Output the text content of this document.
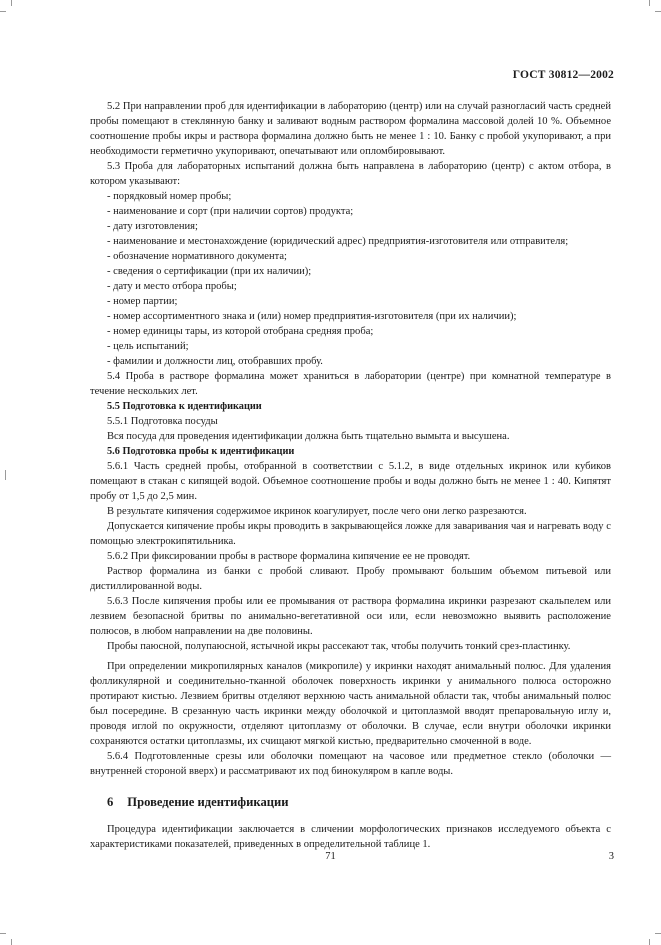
ГОСТ 30812—2002

5.2 При направлении проб для идентификации в лабораторию (центр) или на случай разногласий часть средней пробы помещают в стеклянную банку и заливают водным раствором формалина массовой долей 10 %. Объемное соотношение пробы икры и раствора формалина должно быть не менее 1 : 10. Банку с пробой укупоривают, а при необходимости герметично укупоривают, опечатывают или опломбировывают.

5.3 Проба для лабораторных испытаний должна быть направлена в лабораторию (центр) с актом отбора, в котором указывают:

- порядковый номер пробы;

- наименование и сорт (при наличии сортов) продукта;

- дату изготовления;

- наименование и местонахождение (юридический адрес) предприятия-изготовителя или отправителя;

- обозначение нормативного документа;

- сведения о сертификации (при их наличии);

- дату и место отбора пробы;

- номер партии;

- номер ассортиментного знака и (или) номер предприятия-изготовителя (при их наличии);

- номер единицы тары, из которой отобрана средняя проба;

- цель испытаний;

- фамилии и должности лиц, отобравших пробу.

5.4 Проба в растворе формалина может храниться в лаборатории (центре) при комнатной температуре в течение нескольких лет.

5.5 Подготовка к идентификации

5.5.1 Подготовка посуды

Вся посуда для проведения идентификации должна быть тщательно вымыта и высушена.

5.6 Подготовка пробы к идентификации

5.6.1 Часть средней пробы, отобранной в соответствии с 5.1.2, в виде отдельных икринок или кубиков помещают в стакан с кипящей водой. Объемное соотношение пробы и воды должно быть не менее 1 : 40. Кипятят пробу от 1,5 до 2,5 мин.

В результате кипячения содержимое икринок коагулирует, после чего они легко разрезаются.

Допускается кипячение пробы икры проводить в закрывающейся ложке для заваривания чая и нагревать воду с помощью электрокипятильника.

5.6.2 При фиксировании пробы в растворе формалина кипячение ее не проводят.

Раствор формалина из банки с пробой сливают. Пробу промывают большим объемом питьевой или дистиллированной воды.

5.6.3 После кипячения пробы или ее промывания от раствора формалина икринки разрезают скальпелем или лезвием безопасной бритвы по анимально-вегетативной оси или, если невозможно выявить расположение полюсов, в любом направлении на две половины.

Пробы паюсной, полупаюсной, ястычной икры рассекают так, чтобы получить тонкий срез-пластинку.

При определении микропилярных каналов (микропиле) у икринки находят анимальный полюс. Для удаления фолликулярной и соединительно-тканной оболочек поверхность икринки у анимального полюса осторожно протирают кистью. Лезвием бритвы отделяют верхнюю часть анимальной области так, чтобы анимальный полюс был посередине. В срезанную часть икринки между оболочкой и цитоплазмой вводят препаровальную иглу и, проводя иглой по окружности, отделяют цитоплазму от оболочки. В случае, если внутри оболочки икринки сохраняются остатки цитоплазмы, их счищают мягкой кистью, предварительно смоченной в воде.

5.6.4 Подготовленные срезы или оболочки помещают на часовое или предметное стекло (оболочки — внутренней стороной вверх) и рассматривают их под бинокуляром в капле воды.

6 Проведение идентификации

Процедура идентификации заключается в сличении морфологических признаков исследуемого объекта с характеристиками показателей, приведенных в определительной таблице 1.

71	3
